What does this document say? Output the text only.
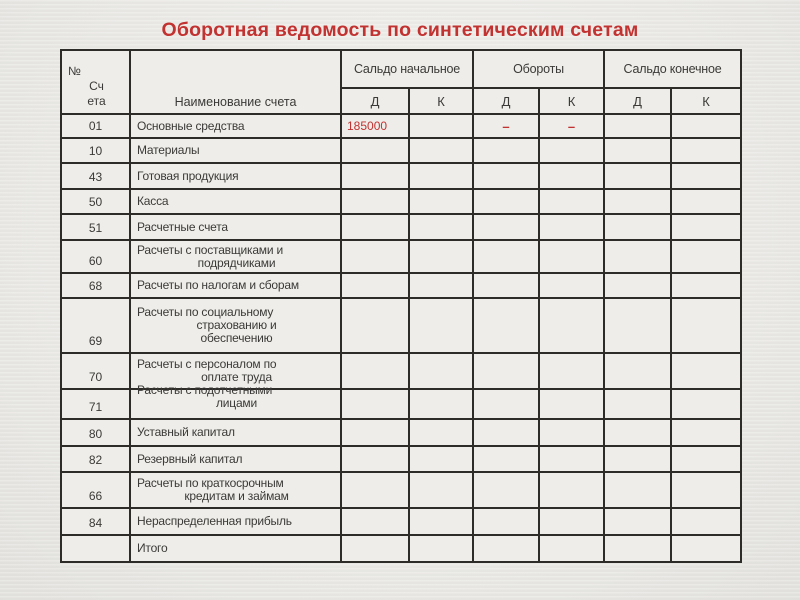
Оборотная ведомость по синтетическим счетам
№
Сч
ета	Наименование счета	Сальдо начальное		Обороты		Сальдо конечное	
		Д	К	Д	К	Д	К
01	Основные средства	185000		–	–		

10	Материалы						

43	Готовая продукция						

50	Касса						

51	Расчетные счета						

60	Расчеты с поставщиками и
подрядчиками						

68	Расчеты по налогам и сборам						

69	Расчеты по социальному
страхованию и
обеспечению						

70	Расчеты с персоналом по
оплате труда						

71	Расчеты с подотчетными
лицами						

80	Уставный капитал						

82	Резервный капитал						

66	Расчеты по краткосрочным
кредитам и займам						

84	Нераспределенная прибыль						

	Итого						
